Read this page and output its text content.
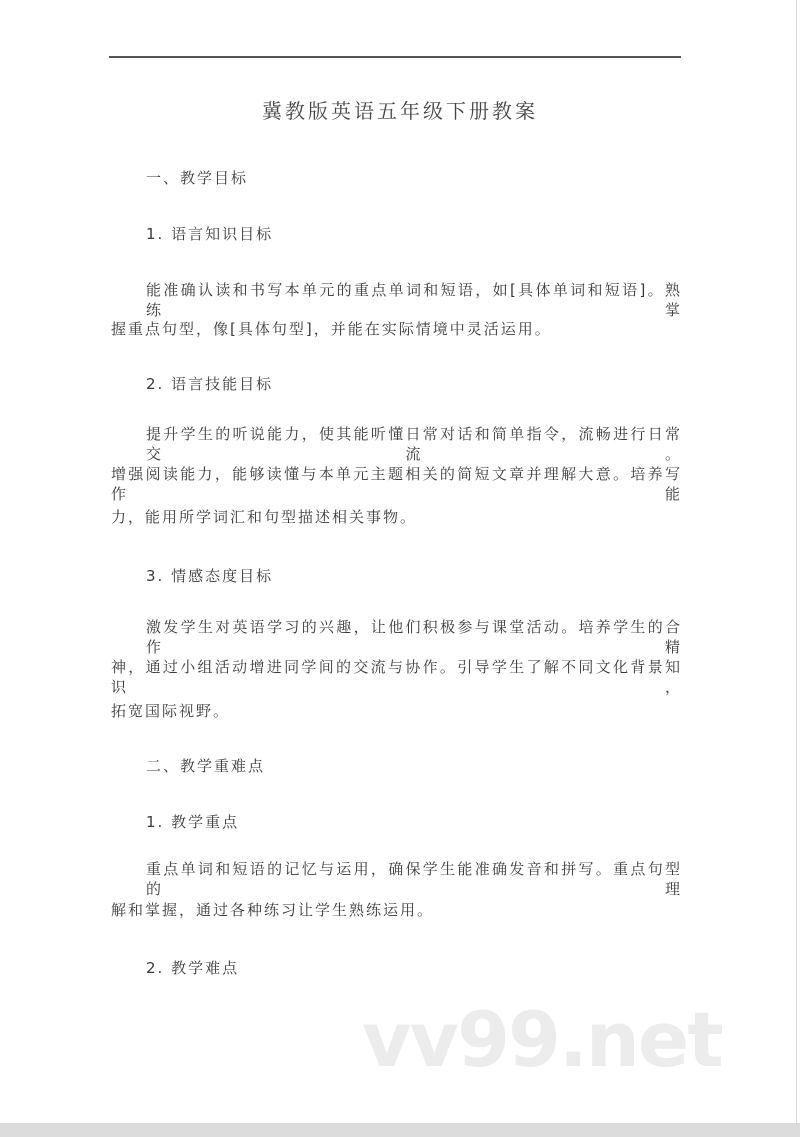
冀教版英语五年级下册教案
一、教学目标
1. 语言知识目标
能准确认读和书写本单元的重点单词和短语，如[具体单词和短语]。熟练掌
握重点句型，像[具体句型]，并能在实际情境中灵活运用。
2. 语言技能目标
提升学生的听说能力，使其能听懂日常对话和简单指令，流畅进行日常交流。
增强阅读能力，能够读懂与本单元主题相关的简短文章并理解大意。培养写作能
力，能用所学词汇和句型描述相关事物。
3. 情感态度目标
激发学生对英语学习的兴趣，让他们积极参与课堂活动。培养学生的合作精
神，通过小组活动增进同学间的交流与协作。引导学生了解不同文化背景知识，
拓宽国际视野。
二、教学重难点
1. 教学重点
重点单词和短语的记忆与运用，确保学生能准确发音和拼写。重点句型的理
解和掌握，通过各种练习让学生熟练运用。
2. 教学难点
vv99.net
